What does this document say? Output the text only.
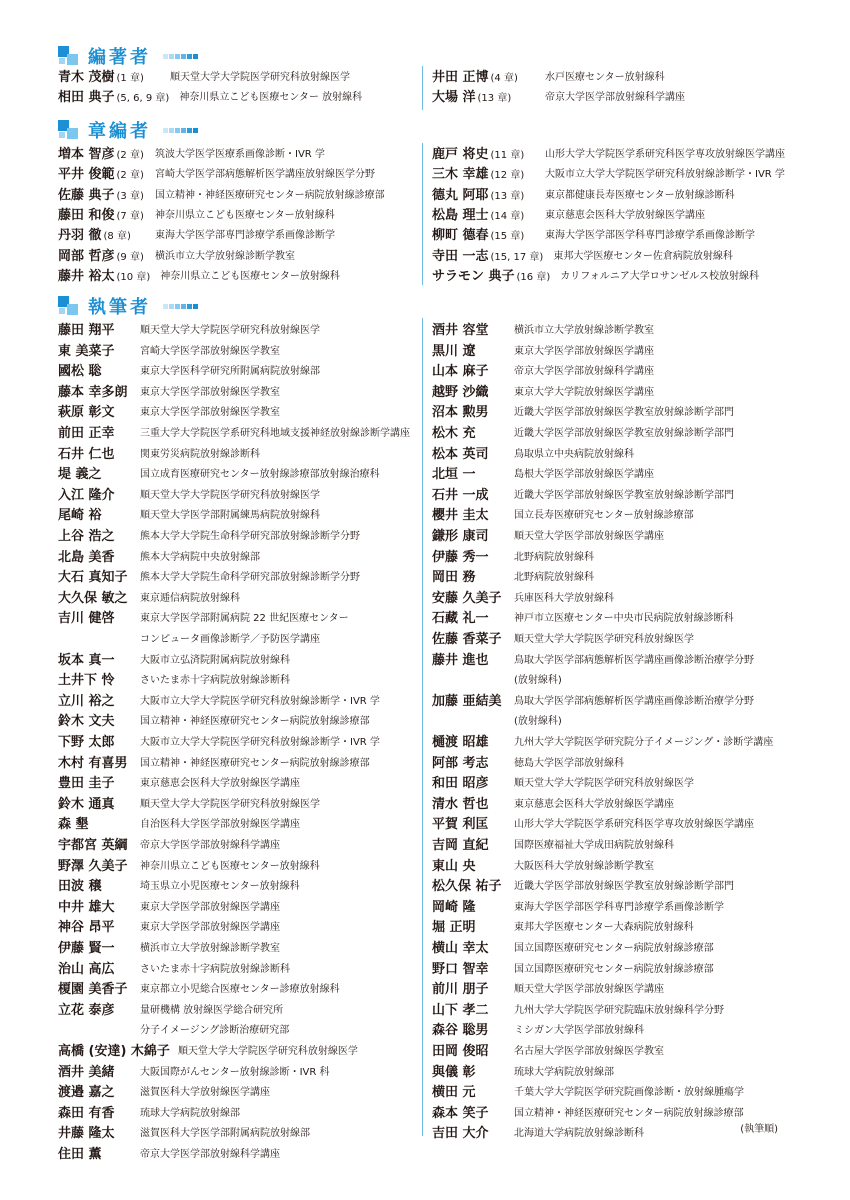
編著者
章編者
執筆者
青木 茂樹 (1 章)	順天堂大学大学院医学研究科放射線医学
相田 典子 (5, 6, 9 章) 神奈川県立こども医療センター 放射線科
井田 正博 (4 章)	水戸医療センター放射線科
大場 洋 (13 章)	帝京大学医学部放射線科学講座
増本 智彦 (2 章) 筑波大学医学医療系画像診断・IVR 学
平井 俊範 (2 章) 宮崎大学医学部病態解析医学講座放射線医学分野
佐藤 典子 (3 章) 国立精神・神経医療研究センター病院放射線診療部
藤田 和俊 (7 章) 神奈川県立こども医療センター放射線科
丹羽 徹 (8 章) 東海大学医学部専門診療学系画像診断学
岡部 哲彦 (9 章) 横浜市立大学放射線診断学教室
藤井 裕太 (10 章) 神奈川県立こども医療センター放射線科
鹿戸 将史 (11 章) 山形大学大学院医学系研究科医学専攻放射線医学講座
三木 幸雄 (12 章) 大阪市立大学大学院医学研究科放射線診断学・IVR 学
德丸 阿耶 (13 章) 東京都健康長寿医療センター放射線診断科
松島 理士 (14 章) 東京慈恵会医科大学放射線医学講座
柳町 德春 (15 章) 東海大学医学部医学科専門診療学系画像診断学
寺田 一志 (15, 17 章) 東邦大学医療センター佐倉病院放射線科
サラモン 典子 (16 章) カリフォルニア大学ロサンゼルス校放射線科
藤田 翔平	順天堂大学大学院医学研究科放射線医学
東 美菜子	宮崎大学医学部放射線医学教室
國松 聡	東京大学医科学研究所附属病院放射線部
藤本 幸多朗 東京大学医学部放射線医学教室
萩原 彰文	東京大学医学部放射線医学教室
前田 正幸	三重大学大学院医学系研究科地域支援神経放射線診断学講座
石井 仁也	関東労災病院放射線診断科
堤 義之	国立成育医療研究センター放射線診療部放射線治療科
入江 隆介	順天堂大学大学院医学研究科放射線医学
尾崎 裕	順天堂大学医学部附属練馬病院放射線科
上谷 浩之	熊本大学大学院生命科学研究部放射線診断学分野
北島 美香	熊本大学病院中央放射線部
大石 真知子 熊本大学大学院生命科学研究部放射線診断学分野
大久保 敏之 東京逓信病院放射線科
吉川 健啓	東京大学医学部附属病院 22 世紀医療センター
コンピュータ画像診断学／予防医学講座
坂本 真一	大阪市立弘済院附属病院放射線科
土井下 怜	さいたま赤十字病院放射線診断科
立川 裕之	大阪市立大学大学院医学研究科放射線診断学・IVR 学
鈴木 文夫	国立精神・神経医療研究センター病院放射線診療部
下野 太郎	大阪市立大学大学院医学研究科放射線診断学・IVR 学
木村 有喜男 国立精神・神経医療研究センター病院放射線診療部
豊田 圭子	東京慈恵会医科大学放射線医学講座
鈴木 通真	順天堂大学大学院医学研究科放射線医学
森 墾	自治医科大学医学部放射線医学講座
宇都宮 英綱 帝京大学医学部放射線科学講座
野澤 久美子 神奈川県立こども医療センター放射線科
田波 穣	埼玉県立小児医療センター放射線科
中井 雄大	東京大学医学部放射線医学講座
神谷 昂平	東京大学医学部放射線医学講座
伊藤 賢一	横浜市立大学放射線診断学教室
治山 高広	さいたま赤十字病院放射線診断科
榎園 美香子 東京都立小児総合医療センター診療放射線科
立花 泰彦	量研機構 放射線医学総合研究所
分子イメージング診断治療研究部
高橋 (安達) 木綿子 順天堂大学大学院医学研究科放射線医学
酒井 美緒	大阪国際がんセンター放射線診断・IVR 科
渡邉 嘉之	滋賀医科大学放射線医学講座
森田 有香	琉球大学病院放射線部
井藤 隆太	滋賀医科大学医学部附属病院放射線部
住田 薫	帝京大学医学部放射線科学講座
酒井 容堂	横浜市立大学放射線診断学教室
黒川 遼	東京大学医学部放射線医学講座
山本 麻子	帝京大学医学部放射線科学講座
越野 沙織	東京大学大学院放射線医学講座
沼本 勲男	近畿大学医学部放射線医学教室放射線診断学部門
松木 充	近畿大学医学部放射線医学教室放射線診断学部門
松本 英司	鳥取県立中央病院放射線科
北垣 一	島根大学医学部放射線医学講座
石井 一成	近畿大学医学部放射線医学教室放射線診断学部門
櫻井 圭太	国立長寿医療研究センター放射線診療部
鎌形 康司	順天堂大学医学部放射線医学講座
伊藤 秀一	北野病院放射線科
岡田 務	北野病院放射線科
安藤 久美子 兵庫医科大学放射線科
石藏 礼一	神戸市立医療センター中央市民病院放射線診断科
佐藤 香菜子 順天堂大学大学院医学研究科放射線医学
藤井 進也	鳥取大学医学部病態解析医学講座画像診断治療学分野
(放射線科)
加藤 亜結美 鳥取大学医学部病態解析医学講座画像診断治療学分野
(放射線科)
樋渡 昭雄	九州大学大学院医学研究院分子イメージング・診断学講座
阿部 考志	徳島大学医学部放射線科
和田 昭彦	順天堂大学大学院医学研究科放射線医学
清水 哲也	東京慈恵会医科大学放射線医学講座
平賀 利匡	山形大学大学院医学系研究科医学専攻放射線医学講座
吉岡 直紀	国際医療福祉大学成田病院放射線科
東山 央	大阪医科大学放射線診断学教室
松久保 祐子 近畿大学医学部放射線医学教室放射線診断学部門
岡崎 隆	東海大学医学部医学科専門診療学系画像診断学
堀 正明	東邦大学医療センター大森病院放射線科
横山 幸太	国立国際医療研究センター病院放射線診療部
野口 智幸	国立国際医療研究センター病院放射線診療部
前川 朋子	順天堂大学医学部放射線医学講座
山下 孝二	九州大学大学院医学研究院臨床放射線科学分野
森谷 聡男	ミシガン大学医学部放射線科
田岡 俊昭	名古屋大学医学部放射線医学教室
與儀 彰	琉球大学病院放射線部
横田 元	千葉大学大学院医学研究院画像診断・放射線腫瘍学
森本 笑子	国立精神・神経医療研究センター病院放射線診療部
吉田 大介	北海道大学病院放射線診断科	(執筆順)
